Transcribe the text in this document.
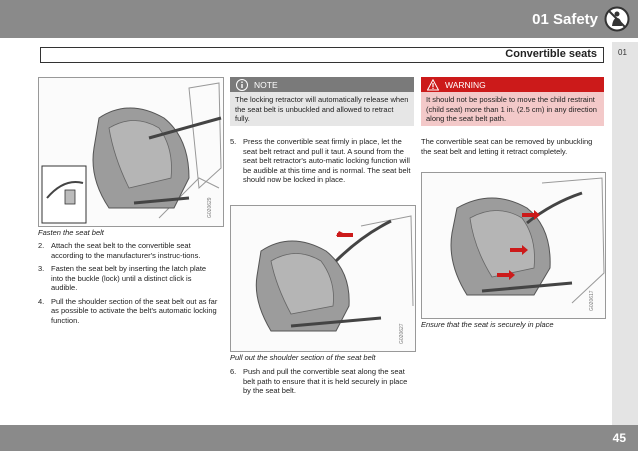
01 Safety
Convertible seats	01
G020629
Fasten the seat belt
2. Attach the seat belt to the convertible seat according to the manufacturer's instruc-tions.
3. Fasten the seat belt by inserting the latch plate into the buckle (lock) until a distinct click is audible.
4. Pull the shoulder section of the seat belt out as far as possible to activate the belt's automatic locking function.
NOTE
The locking retractor will automatically release when the seat belt is unbuckled and allowed to retract fully.
5. Press the convertible seat firmly in place, let the seat belt retract and pull it taut. A sound from the seat belt retractor's auto-matic locking function will be audible at this time and is normal. The seat belt should now be locked in place.
G020627
Pull out the shoulder section of the seat belt
6. Push and pull the convertible seat along the seat belt path to ensure that it is held securely in place by the seat belt.
WARNING
It should not be possible to move the child restraint (child seat) more than 1 in. (2.5 cm) in any direction along the seat belt path.
The convertible seat can be removed by unbuckling the seat belt and letting it retract completely.
G020617
Ensure that the seat is securely in place
45
